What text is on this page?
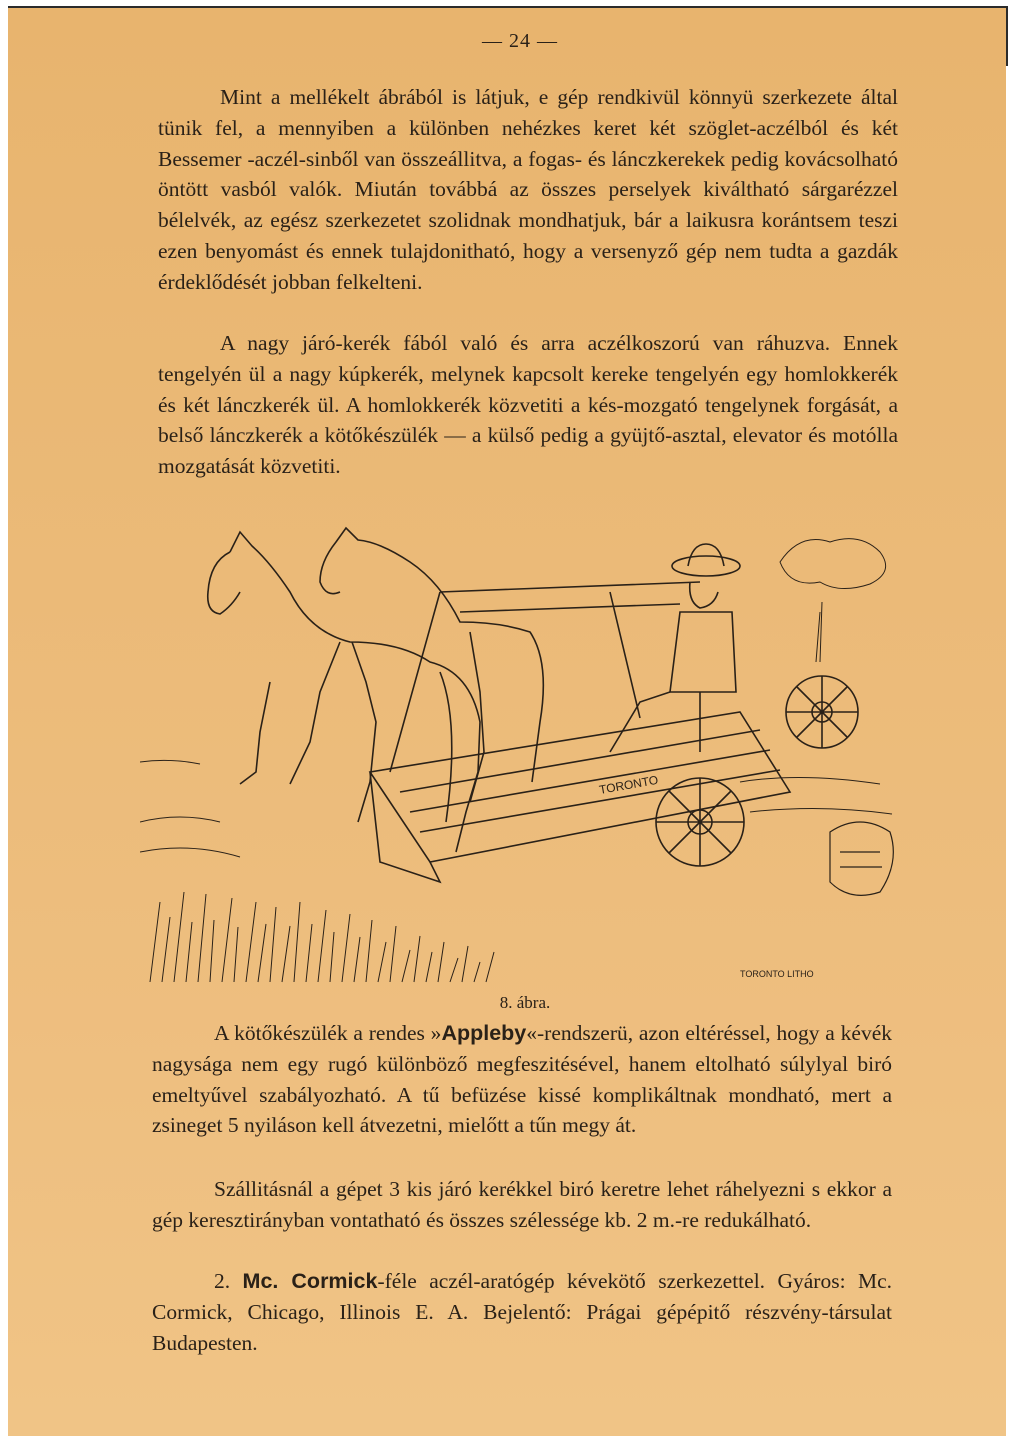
— 24 —

Mint a mellékelt ábrából is látjuk, e gép rendkivül könnyü szerkezete által tünik fel, a mennyiben a különben nehézkes keret két szöglet-aczélból és két Bessemer -aczél-sinből van összeállitva, a fogas- és lánczkerekek pedig kovácsolható öntött vasból valók. Miután továbbá az összes perselyek kiváltható sárgarézzel bélelvék, az egész szerkezetet szolidnak mondhatjuk, bár a laikusra korántsem teszi ezen benyomást és ennek tulajdonitható, hogy a versenyző gép nem tudta a gazdák érdeklődését jobban felkelteni.

A nagy járó-kerék fából való és arra aczélkoszorú van ráhuzva. Ennek tengelyén ül a nagy kúpkerék, melynek kapcsolt kereke tengelyén egy homlokkerék és két lánczkerék ül. A homlokkerék közvetiti a kés-mozgató tengelynek forgását, a belső lánczkerék a kötőkészülék — a külső pedig a gyüjtő-asztal, elevator és motólla mozgatását közvetiti.

TORONTO
TORONTO LITHO
8. ábra.

A kötőkészülék a rendes »Appleby«-rendszerü, azon eltéréssel, hogy a kévék nagysága nem egy rugó különböző megfeszitésével, hanem eltolható súlylyal biró emeltyűvel szabályozható. A tű befüzése kissé komplikáltnak mondható, mert a zsineget 5 nyiláson kell átvezetni, mielőtt a tűn megy át.

Szállitásnál a gépet 3 kis járó kerékkel biró keretre lehet ráhelyezni s ekkor a gép keresztirányban vontatható és összes szélessége kb. 2 m.-re redukálható.

2. Mc. Cormick-féle aczél-aratógép kévekötő szerkezettel. Gyáros: Mc. Cormick, Chicago, Illinois E. A. Bejelentő: Prágai gépépitő részvény-társulat Budapesten.
